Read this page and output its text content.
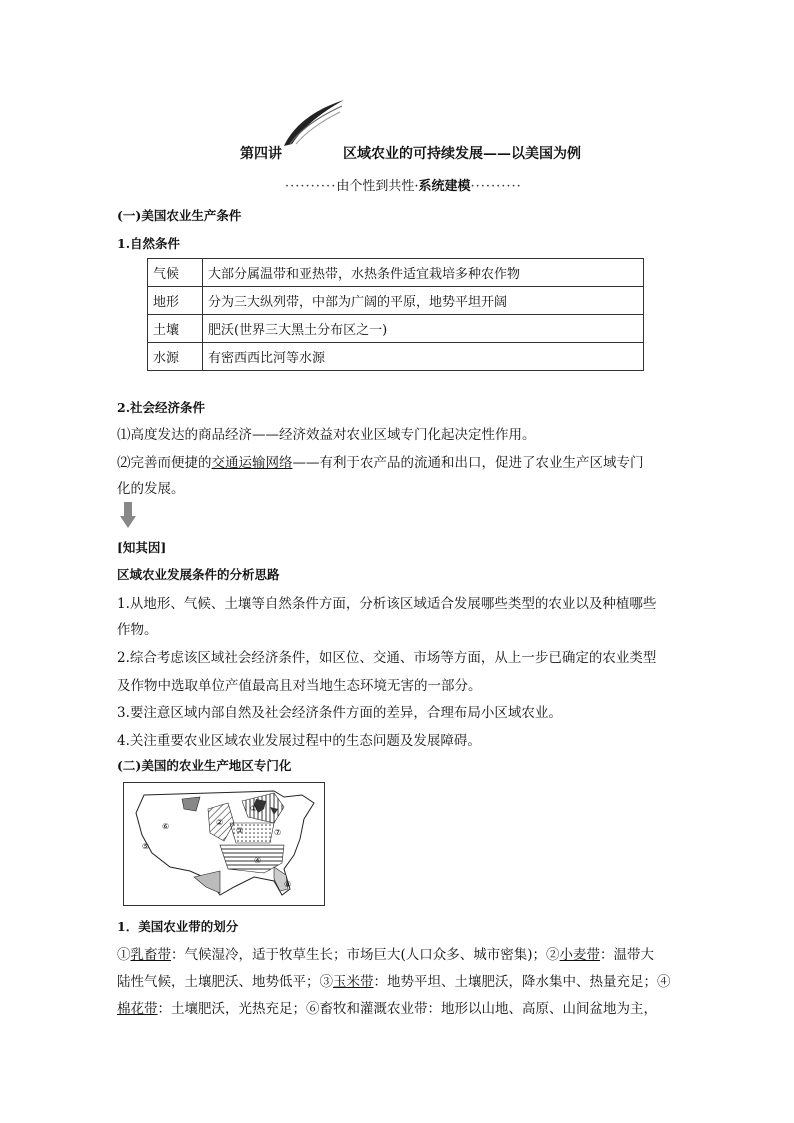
第四讲	区域农业的可持续发展——以美国为例
··········由个性到共性·系统建模··········
(一)美国农业生产条件
1.自然条件
气候	大部分属温带和亚热带，水热条件适宜栽培多种农作物
地形	分为三大纵列带，中部为广阔的平原，地势平坦开阔
土壤	肥沃(世界三大黑土分布区之一)
水源	有密西西比河等水源
2.社会经济条件
⑴高度发达的商品经济——经济效益对农业区域专门化起决定性作用。
⑵完善而便捷的交通运输网络——有利于农产品的流通和出口，促进了农业生产区域专门
化的发展。
[知其因]
区域农业发展条件的分析思路
1.从地形、气候、土壤等自然条件方面，分析该区域适合发展哪些类型的农业以及种植哪些
作物。
2.综合考虑该区域社会经济条件，如区位、交通、市场等方面，从上一步已确定的农业类型
及作物中选取单位产值最高且对当地生态环境无害的一部分。
3.要注意区域内部自然及社会经济条件方面的差异，合理布局小区域农业。
4.关注重要农业区域农业发展过程中的生态问题及发展障碍。
(二)美国的农业生产地区专门化
⑥
⑤
①
②
③
④
⑦
⑧
1．美国农业带的划分
①乳畜带：气候湿冷，适于牧草生长；市场巨大(人口众多、城市密集)；②小麦带：温带大
陆性气候，土壤肥沃、地势低平；③玉米带：地势平坦、土壤肥沃，降水集中、热量充足；④
棉花带：土壤肥沃，光热充足；⑥畜牧和灌溉农业带：地形以山地、高原、山间盆地为主，
